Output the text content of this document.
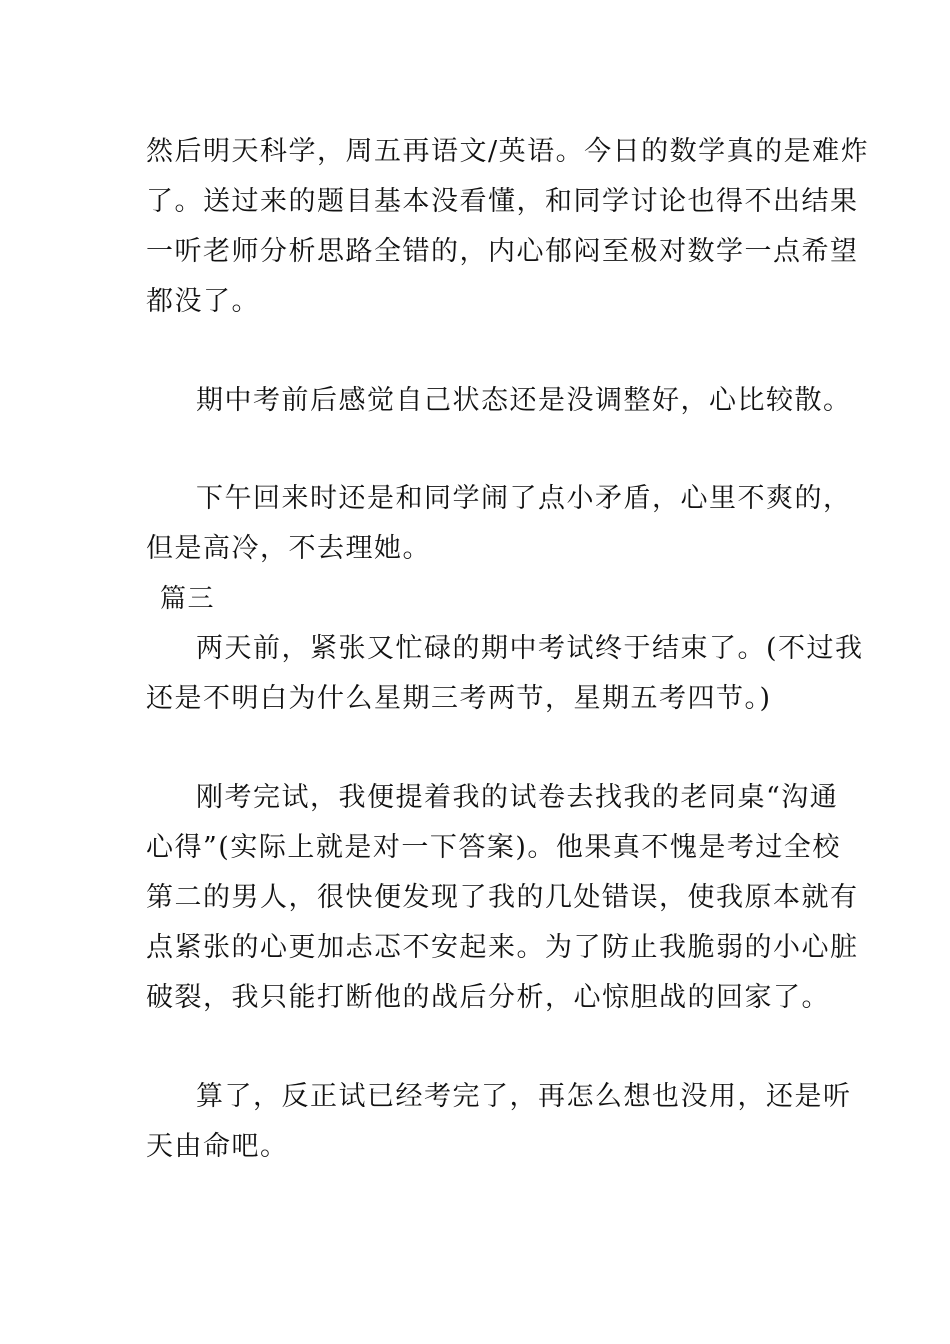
然后明天科学，周五再语文/英语。今日的数学真的是难炸
了。送过来的题目基本没看懂，和同学讨论也得不出结果
一听老师分析思路全错的，内心郁闷至极对数学一点希望
都没了。
期中考前后感觉自己状态还是没调整好，心比较散。
下午回来时还是和同学闹了点小矛盾，心里不爽的，
但是高冷，不去理她。
篇三
两天前，紧张又忙碌的期中考试终于结束了。(不过我
还是不明白为什么星期三考两节，星期五考四节。)
刚考完试，我便提着我的试卷去找我的老同桌“沟通
心得”(实际上就是对一下答案)。他果真不愧是考过全校
第二的男人，很快便发现了我的几处错误，使我原本就有
点紧张的心更加忐忑不安起来。为了防止我脆弱的小心脏
破裂，我只能打断他的战后分析，心惊胆战的回家了。
算了，反正试已经考完了，再怎么想也没用，还是听
天由命吧。
